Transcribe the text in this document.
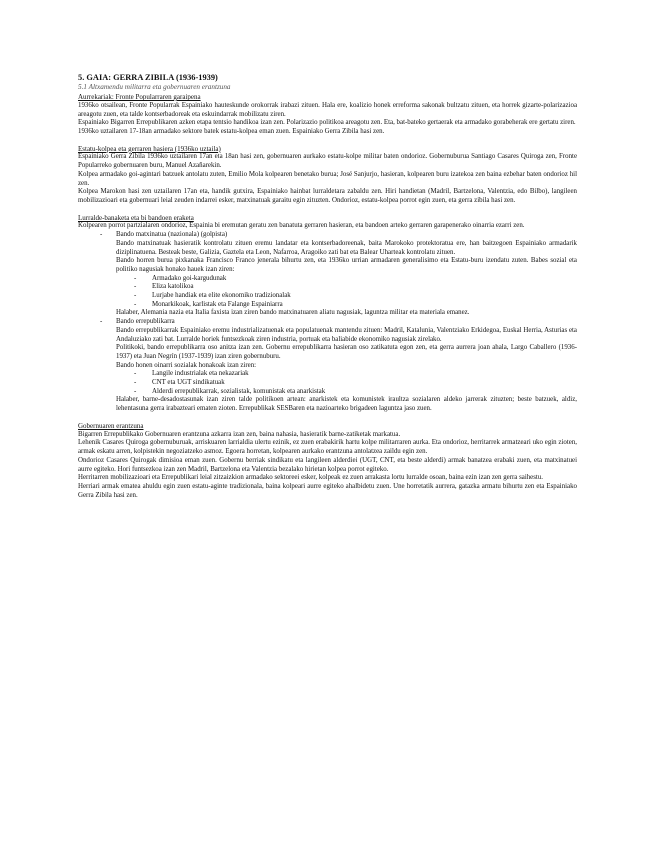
5. GAIA: GERRA ZIBILA (1936-1939)
5.1 Altxamendu militarra eta gobernuaren erantzuna
Aurrekariak: Fronte Popularraren garaipena

1936ko otsailean, Fronte Popularrak Espainiako hauteskunde orokorrak irabazi zituen. Hala ere, koalizio honek erreforma sakonak bultzatu zituen, eta horrek gizarte-polarizazioa areagotu zuen, eta talde kontserbadoreak eta eskuindarrak mobilizatu ziren.

Espainiako Bigarren Errepublikaren azken etapa tentsio handikoa izan zen. Polarizazio politikoa areagotu zen. Eta, bat-bateko gertaerak eta armadako gorabeherak ere gertatu ziren.

1936ko uztailaren 17-18an armadako sektore batek estatu-kolpea eman zuen. Espainiako Gerra Zibila hasi zen.

Estatu-kolpea eta gerraren hasiera (1936ko uztaila)

Espainiako Gerra Zibila 1936ko uztailaren 17an eta 18an hasi zen, gobernuaren aurkako estatu-kolpe militar baten ondorioz. Gobernuburua Santiago Casares Quiroga zen, Fronte Popularreko gobernuaren buru, Manuel Azañarekin.

Kolpea armadako goi-agintari batzuek antolatu zuten, Emilio Mola kolpearen benetako burua; José Sanjurjo, hasieran, kolpearen buru izatekoa zen baina ezbehar baten ondorioz hil zen.

Kolpea Marokon hasi zen uztailaren 17an eta, handik gutxira, Espainiako hainbat lurraldetara zabaldu zen. Hiri handietan (Madril, Bartzelona, Valentzia, edo Bilbo), langileen mobilizazioari eta gobernuari leial zeuden indarrei esker, matxinatuak garaitu egin zituzten. Ondorioz, estatu-kolpea porrot egin zuen, eta gerra zibila hasi zen.

Lurralde-banaketa eta bi bandoen eraketa

Kolpearen porrot partzialaren ondorioz, Espainia bi eremutan geratu zen banatuta gerraren hasieran, eta bandoen arteko gerraren garapenerako oinarria ezarri zen.

- Bando matxinatua (nazionala) (golpista)

Bando matxinatuak hasieratik kontrolatu zituen eremu landatar eta kontserbadoreenak, baita Marokoko protektoratua ere, han baitzegoen Espainiako armadarik diziplinatuena. Besteak beste, Galizia, Gaztela eta Leon, Nafarroa, Aragoiko zati bat eta Balear Uharteak kontrolatu zituen.

Bando horren burua pixkanaka Francisco Franco jenerala bihurtu zen, eta 1936ko urrian armadaren generalisimo eta Estatu-buru izendatu zuten. Babes sozial eta politiko nagusiak honako hauek izan ziren:

- Armadako goi-kargudunak
- Eliza katolikoa
- Lurjabe handiak eta elite ekonomiko tradizionalak
- Monarkikoak, karlistak eta Falange Espainiarra

Halaber, Alemania nazia eta Italia faxista izan ziren bando matxinatuaren aliatu nagusiak, laguntza militar eta materiala emanez.

- Bando errepublikarra

Bando errepublikarrak Espainiako eremu industrializatuenak eta populatuenak mantendu zituen: Madril, Katalunia, Valentziako Erkidegoa, Euskal Herria, Asturias eta Andaluziako zati bat. Lurralde horiek funtsezkoak ziren industria, portuak eta baliabide ekonomiko nagusiak zirelako.

Politikoki, bando errepublikarra oso anitza izan zen. Gobernu errepublikarra hasieran oso zatikatuta egon zen, eta gerra aurrera joan ahala, Largo Caballero (1936-1937) eta Juan Negrín (1937-1939) izan ziren gobernuburu.

Bando honen oinarri sozialak honakoak izan ziren:

- Langile industrialak eta nekazariak
- CNT eta UGT sindikatuak
- Alderdi errepublikarrak, sozialistak, komunistak eta anarkistak

Halaber, barne-desadostasunak izan ziren talde politikoen artean: anarkistek eta komunistek iraultza sozialaren aldeko jarrerak zituzten; beste batzuek, aldiz, lehentasuna gerra irabazteari ematen zioten. Errepublikak SESBaren eta nazioarteko brigadeen laguntza jaso zuen.

Gobernuaren erantzuna

Bigarren Errepublikako Gobernuaren erantzuna azkarra izan zen, baina nahasia, hasieratik barne-zatiketak markatua.

Lehenik Casares Quiroga gobernuburuak, arriskuaren larrialdia ulertu ezinik, ez zuen erabakirik hartu kolpe militarraren aurka. Eta ondorioz, herritarrek armatzeari uko egin zioten, armak eskatu arren, kolpistekin negoziatzeko asmoz. Egoera horretan, kolpearen aurkako erantzuna antolatzea zaildu egin zen.

Ondorioz Casares Quirogak dimisioa eman zuen. Gobernu berriak sindikatu eta langileen alderdiei (UGT, CNT, eta beste alderdi) armak banatzea erabaki zuen, eta matxinatuei aurre egiteko. Hori funtsezkoa izan zen Madril, Bartzelona eta Valentzia bezalako hirietan kolpea porrot egiteko.

Herritarren mobilizazioari eta Errepublikari leial zitzaizkion armadako sektoreei esker, kolpeak ez zuen arrakasta lortu lurralde osoan, baina ezin izan zen gerra saihestu.

Herriari armak ematea ahuldu egin zuen estatu-aginte tradizionala, baina kolpeari aurre egiteko ahalbidetu zuen. Une horretatik aurrera, gatazka armatu bihurtu zen eta Espainiako Gerra Zibila hasi zen.
